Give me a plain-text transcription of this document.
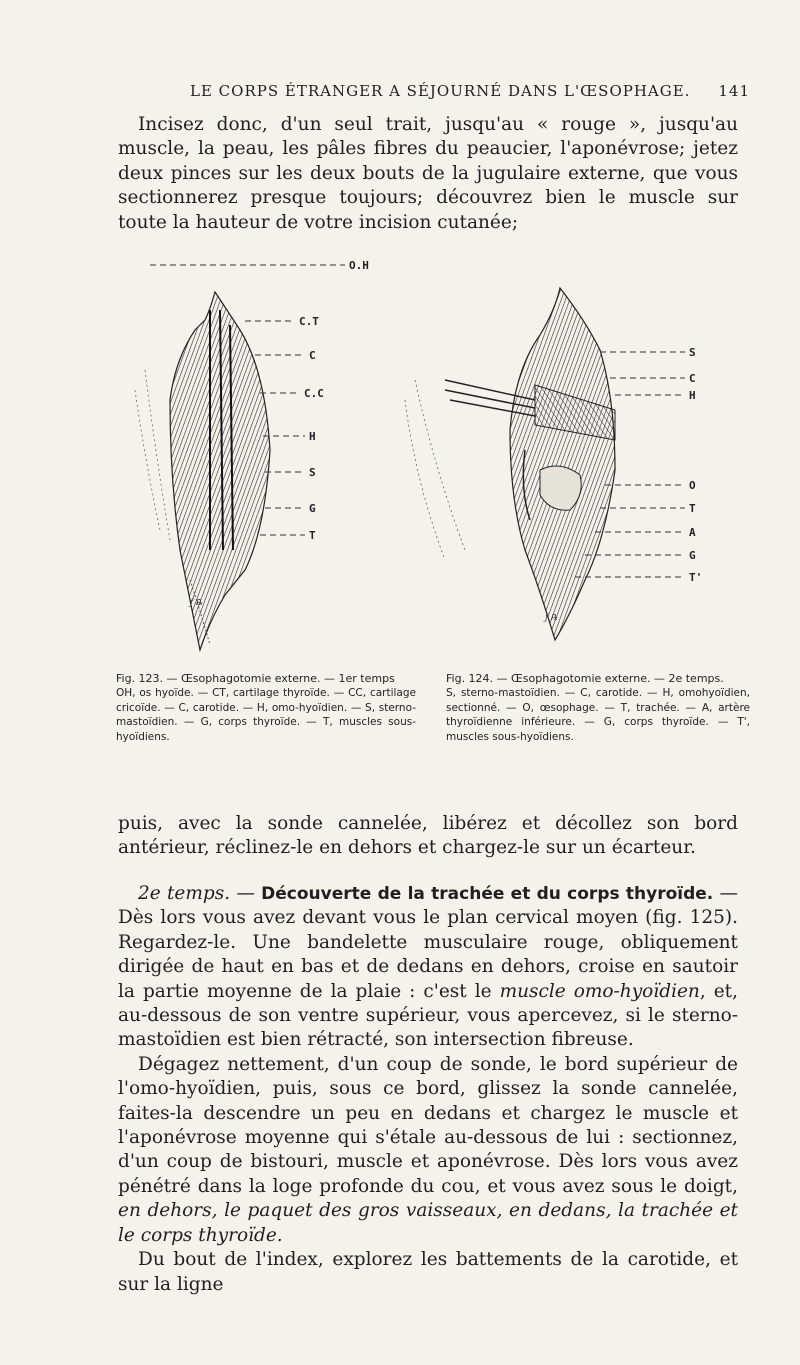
LE CORPS ÉTRANGER A SÉJOURNÉ DANS L'ŒSOPHAGE. 141

Incisez donc, d'un seul trait, jusqu'au « rouge », jusqu'au muscle, la peau, les pâles fibres du peaucier, l'aponévrose; jetez deux pinces sur les deux bouts de la jugulaire externe, que vous sectionnerez presque toujours; découvrez bien le muscle sur toute la hauteur de votre incision cutanée;

ƒ ℞
O.H
C.T
C
C.C
H
S
G
T
ƒ ℞
S
C
H
O
T
A
G
T'
Fig. 123. — Œsophagotomie externe. — 1er temps
OH, os hyoïde. — CT, cartilage thyroïde. — CC, cartilage cricoïde. — C, carotide. — H, omo-hyoïdien. — S, sterno-mastoïdien. — G, corps thyroïde. — T, muscles sous-hyoïdiens.
Fig. 124. — Œsophagotomie externe. — 2e temps.
S, sterno-mastoïdien. — C, carotide. — H, omohyoïdien, sectionné. — O, œsophage. — T, trachée. — A, artère thyroïdienne inférieure. — G, corps thyroïde. — T', muscles sous-hyoïdiens.

puis, avec la sonde cannelée, libérez et décollez son bord antérieur, réclinez-le en dehors et chargez-le sur un écarteur.

2e temps. — Découverte de la trachée et du corps thyroïde. — Dès lors vous avez devant vous le plan cervical moyen (fig. 125). Regardez-le. Une bandelette musculaire rouge, obliquement dirigée de haut en bas et de dedans en dehors, croise en sautoir la partie moyenne de la plaie : c'est le muscle omo-hyoïdien, et, au-dessous de son ventre supérieur, vous apercevez, si le sterno-mastoïdien est bien rétracté, son intersection fibreuse.

Dégagez nettement, d'un coup de sonde, le bord supérieur de l'omo-hyoïdien, puis, sous ce bord, glissez la sonde cannelée, faites-la descendre un peu en dedans et chargez le muscle et l'aponévrose moyenne qui s'étale au-dessous de lui : sectionnez, d'un coup de bistouri, muscle et aponévrose. Dès lors vous avez pénétré dans la loge profonde du cou, et vous avez sous le doigt, en dehors, le paquet des gros vaisseaux, en dedans, la trachée et le corps thyroïde.

Du bout de l'index, explorez les battements de la carotide, et sur la ligne
